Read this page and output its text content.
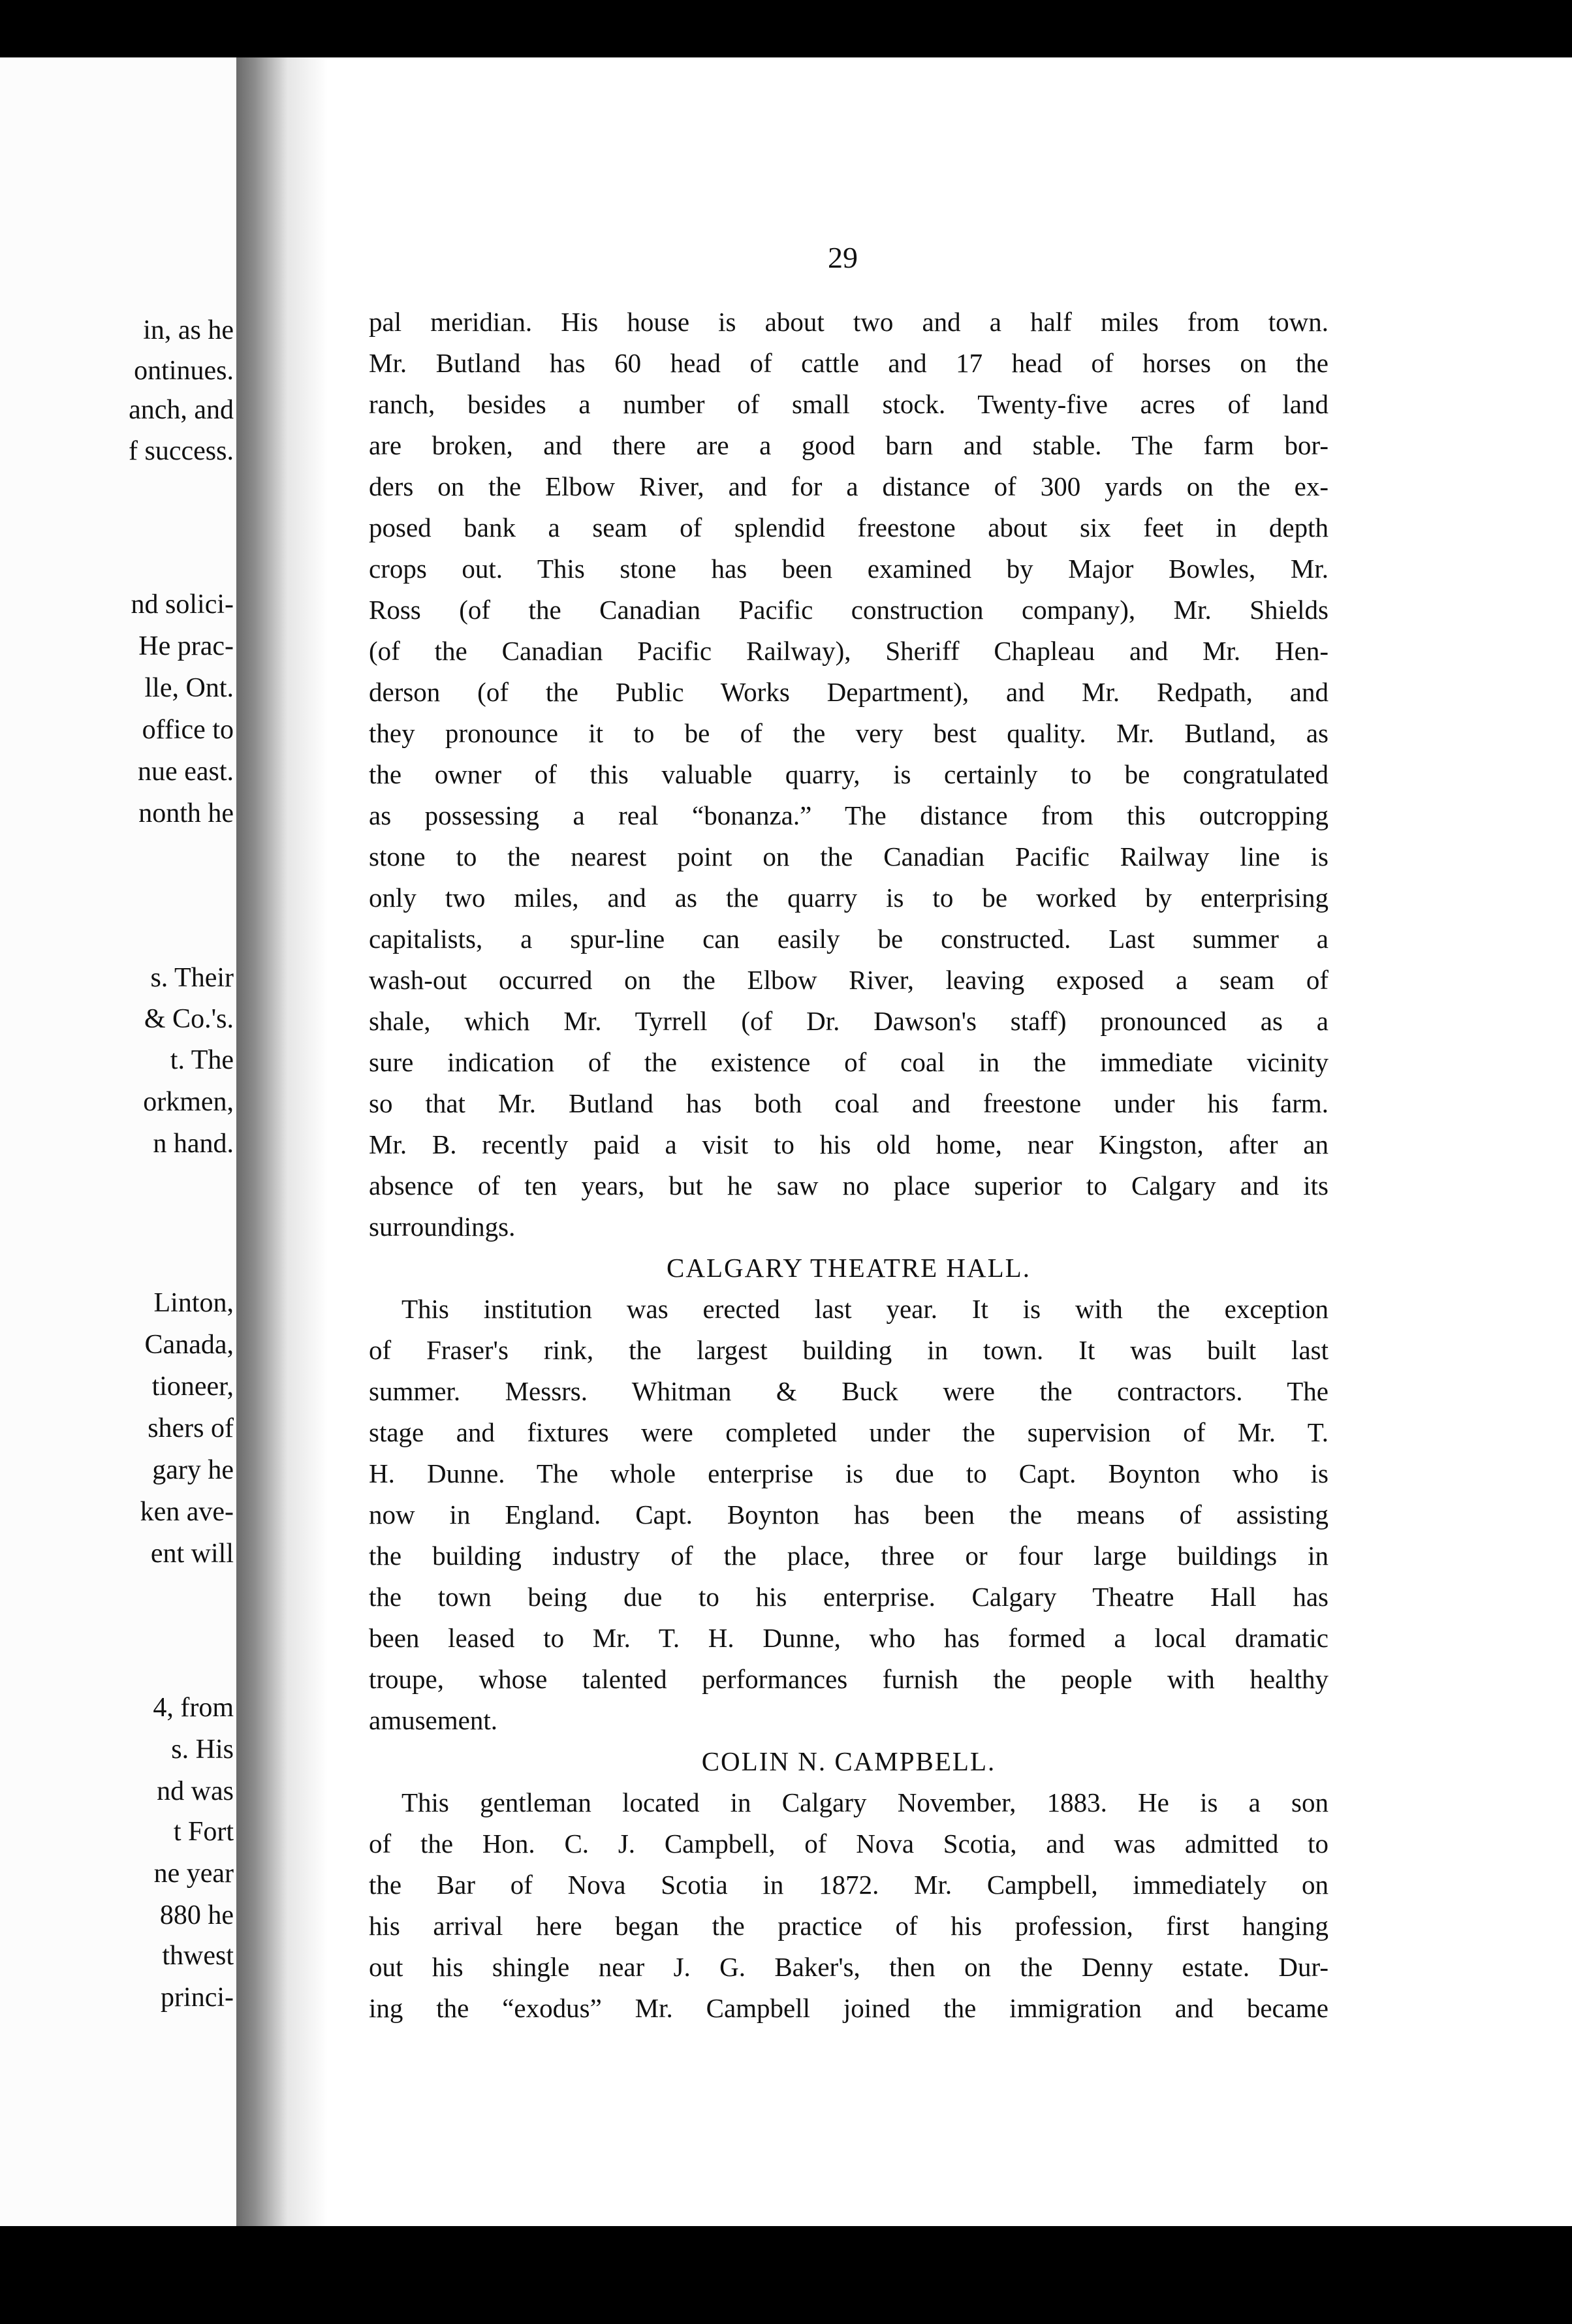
in, as he
ontinues.
anch, and
f success.
nd solici-
He prac-
lle, Ont.
office to
nue east.
nonth he
s. Their
& Co.'s.
t. The
orkmen,
n hand.
Linton,
Canada,
tioneer,
shers of
gary he
ken ave-
ent will
4, from
s. His
nd was
t Fort
ne year
880 he
thwest
princi-
29
pal meridian. His house is about two and a half miles from town.
Mr. Butland has 60 head of cattle and 17 head of horses on the
ranch, besides a number of small stock. Twenty-five acres of land
are broken, and there are a good barn and stable. The farm bor-
ders on the Elbow River, and for a distance of 300 yards on the ex-
posed bank a seam of splendid freestone about six feet in depth
crops out. This stone has been examined by Major Bowles, Mr.
Ross (of the Canadian Pacific construction company), Mr. Shields
(of the Canadian Pacific Railway), Sheriff Chapleau and Mr. Hen-
derson (of the Public Works Department), and Mr. Redpath, and
they pronounce it to be of the very best quality. Mr. Butland, as
the owner of this valuable quarry, is certainly to be congratulated
as possessing a real “bonanza.” The distance from this outcropping
stone to the nearest point on the Canadian Pacific Railway line is
only two miles, and as the quarry is to be worked by enterprising
capitalists, a spur-line can easily be constructed. Last summer a
wash-out occurred on the Elbow River, leaving exposed a seam of
shale, which Mr. Tyrrell (of Dr. Dawson's staff) pronounced as a
sure indication of the existence of coal in the immediate vicinity
so that Mr. Butland has both coal and freestone under his farm.
Mr. B. recently paid a visit to his old home, near Kingston, after an
absence of ten years, but he saw no place superior to Calgary and its
surroundings.
CALGARY THEATRE HALL.
This institution was erected last year. It is with the exception
of Fraser's rink, the largest building in town. It was built last
summer. Messrs. Whitman & Buck were the contractors. The
stage and fixtures were completed under the supervision of Mr. T.
H. Dunne. The whole enterprise is due to Capt. Boynton who is
now in England. Capt. Boynton has been the means of assisting
the building industry of the place, three or four large buildings in
the town being due to his enterprise. Calgary Theatre Hall has
been leased to Mr. T. H. Dunne, who has formed a local dramatic
troupe, whose talented performances furnish the people with healthy
amusement.
COLIN N. CAMPBELL.
This gentleman located in Calgary November, 1883. He is a son
of the Hon. C. J. Campbell, of Nova Scotia, and was admitted to
the Bar of Nova Scotia in 1872. Mr. Campbell, immediately on
his arrival here began the practice of his profession, first hanging
out his shingle near J. G. Baker's, then on the Denny estate. Dur-
ing the “exodus” Mr. Campbell joined the immigration and became
